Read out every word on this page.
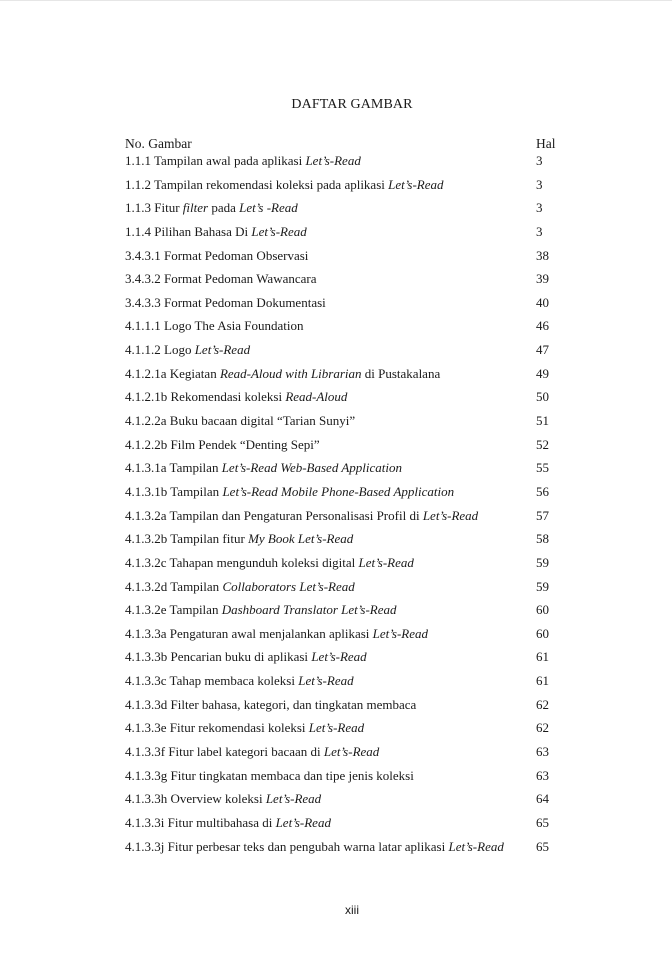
DAFTAR GAMBAR
No. Gambar	Hal
1.1.1 Tampilan awal pada aplikasi Let’s-Read	3
1.1.2 Tampilan rekomendasi koleksi pada aplikasi Let’s-Read	3
1.1.3 Fitur filter pada Let’s -Read	3
1.1.4 Pilihan Bahasa Di Let’s-Read	3
3.4.3.1 Format Pedoman Observasi	38
3.4.3.2 Format Pedoman Wawancara	39
3.4.3.3 Format Pedoman Dokumentasi	40
4.1.1.1 Logo The Asia Foundation	46
4.1.1.2 Logo Let’s-Read	47
4.1.2.1a Kegiatan Read-Aloud with Librarian di Pustakalana	49
4.1.2.1b Rekomendasi koleksi Read-Aloud	50
4.1.2.2a Buku bacaan digital “Tarian Sunyi”	51
4.1.2.2b Film Pendek “Denting Sepi”	52
4.1.3.1a Tampilan Let’s-Read Web-Based Application	55
4.1.3.1b Tampilan Let’s-Read Mobile Phone-Based Application	56
4.1.3.2a Tampilan dan Pengaturan Personalisasi Profil di Let’s-Read	57
4.1.3.2b Tampilan fitur My Book Let’s-Read	58
4.1.3.2c Tahapan mengunduh koleksi digital Let’s-Read	59
4.1.3.2d Tampilan Collaborators Let’s-Read	59
4.1.3.2e Tampilan Dashboard Translator Let’s-Read	60
4.1.3.3a Pengaturan awal menjalankan aplikasi Let’s-Read	60
4.1.3.3b Pencarian buku di aplikasi Let’s-Read	61
4.1.3.3c Tahap membaca koleksi Let’s-Read	61
4.1.3.3d Filter bahasa, kategori, dan tingkatan membaca	62
4.1.3.3e Fitur rekomendasi koleksi Let’s-Read	62
4.1.3.3f Fitur label kategori bacaan di Let’s-Read	63
4.1.3.3g Fitur tingkatan membaca dan tipe jenis koleksi	63
4.1.3.3h Overview koleksi Let’s-Read	64
4.1.3.3i Fitur multibahasa di Let’s-Read	65
4.1.3.3j Fitur perbesar teks dan pengubah warna latar aplikasi Let’s-Read 65
xiii
